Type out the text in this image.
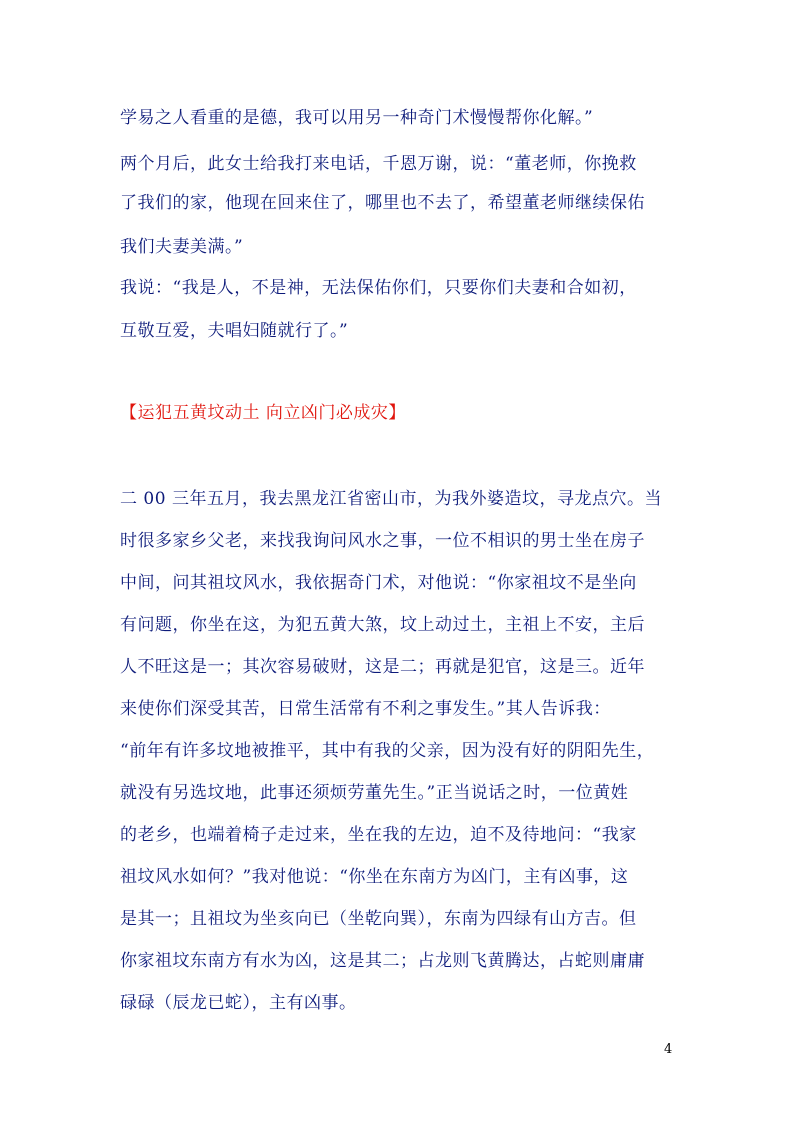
学易之人看重的是德，我可以用另一种奇门术慢慢帮你化解。”
两个月后，此女士给我打来电话，千恩万谢，说：“董老师，你挽救
了我们的家，他现在回来住了，哪里也不去了，希望董老师继续保佑
我们夫妻美满。”
我说：“我是人，不是神，无法保佑你们，只要你们夫妻和合如初，
互敬互爱，夫唱妇随就行了。”
【运犯五黄坟动土 向立凶门必成灾】
二 00 三年五月，我去黑龙江省密山市，为我外婆造坟，寻龙点穴。当
时很多家乡父老，来找我询问风水之事，一位不相识的男士坐在房子
中间，问其祖坟风水，我依据奇门术，对他说：“你家祖坟不是坐向
有问题，你坐在这，为犯五黄大煞，坟上动过土，主祖上不安，主后
人不旺这是一；其次容易破财，这是二；再就是犯官，这是三。近年
来使你们深受其苦，日常生活常有不利之事发生。”其人告诉我：
“前年有许多坟地被推平，其中有我的父亲，因为没有好的阴阳先生，
就没有另选坟地，此事还须烦劳董先生。”正当说话之时，一位黄姓
的老乡，也端着椅子走过来，坐在我的左边，迫不及待地问：“我家
祖坟风水如何？”我对他说：“你坐在东南方为凶门，主有凶事，这
是其一；且祖坟为坐亥向已（坐乾向巽），东南为四绿有山方吉。但
你家祖坟东南方有水为凶，这是其二；占龙则飞黄腾达，占蛇则庸庸
碌碌（辰龙已蛇），主有凶事。
4
